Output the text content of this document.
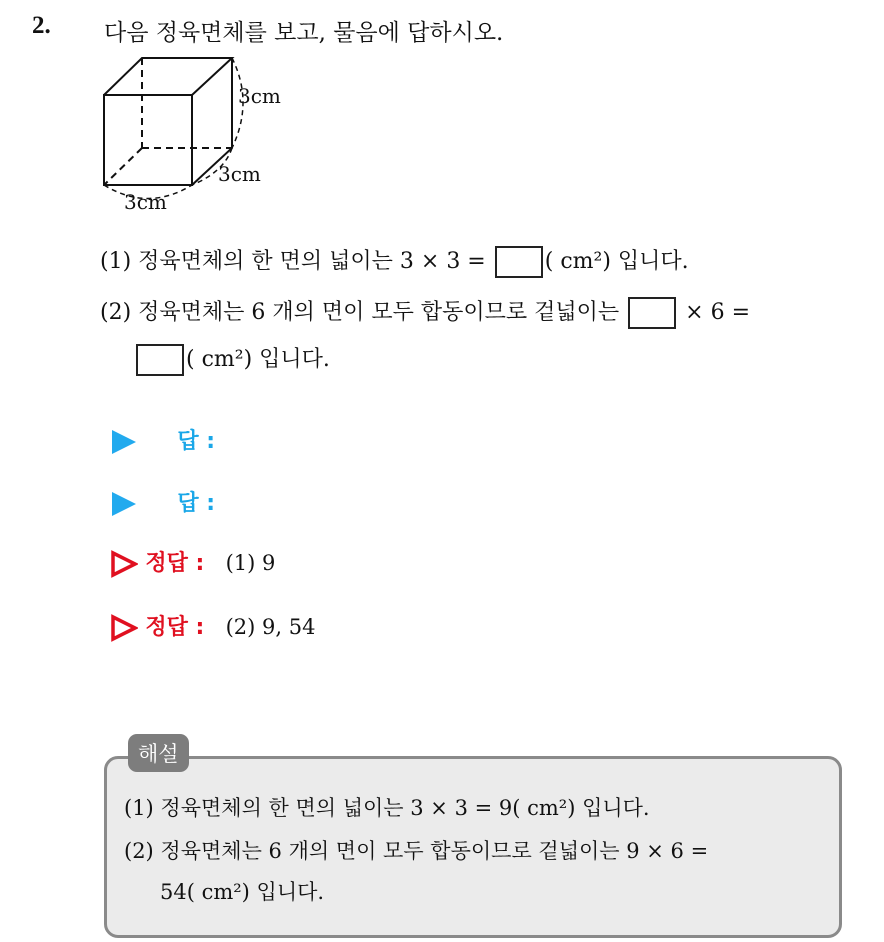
2. 다음 정육면체를 보고, 물음에 답하시오.
3cm
3cm
3cm
(1) 정육면체의 한 면의 넓이는 3 × 3 =	( cm²) 입니다.
(2) 정육면체는 6 개의 면이 모두 합동이므로 겉넓이는	× 6 =
( cm²) 입니다.
답 :
답 :
정답 : (1) 9
정답 : (2) 9, 54
해설
(1) 정육면체의 한 면의 넓이는 3 × 3 = 9( cm²) 입니다.
(2) 정육면체는 6 개의 면이 모두 합동이므로 겉넓이는 9 × 6 =
54( cm²) 입니다.
